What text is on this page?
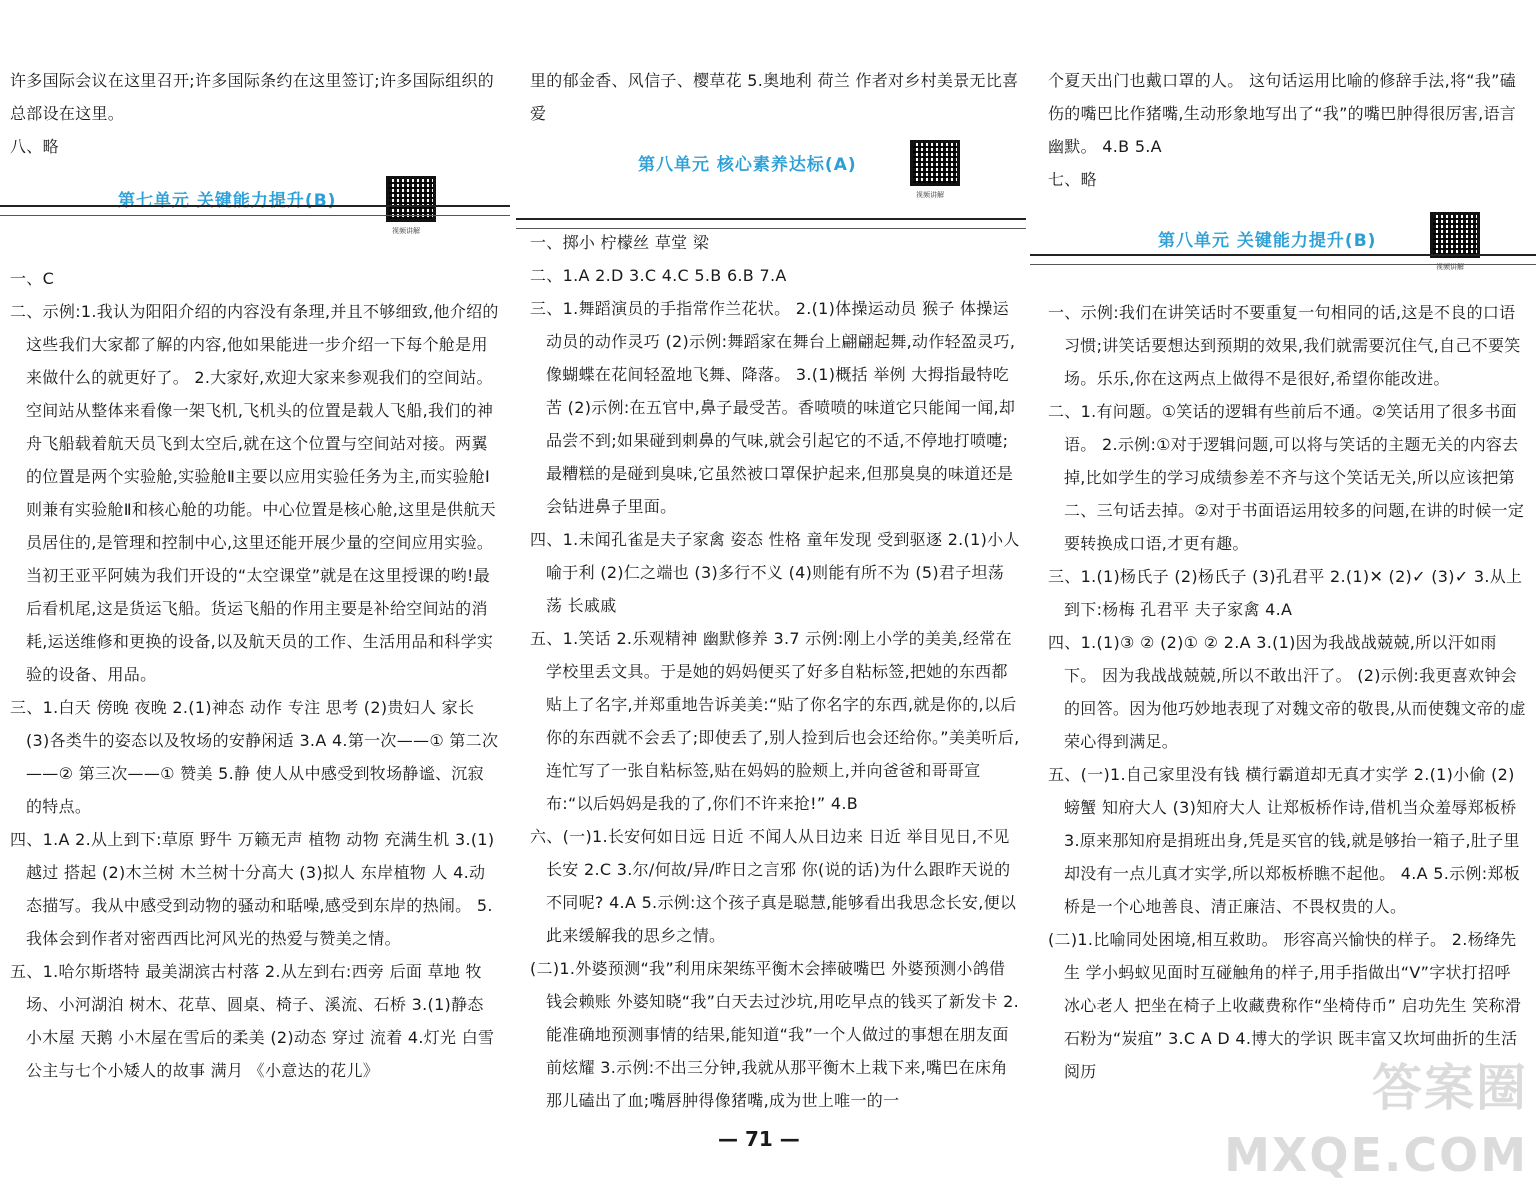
许多国际会议在这里召开;许多国际条约在这里签订;许多国际组织的总部设在这里。

八、略

第七单元 关键能力提升(B)
视频讲解

一、C

二、示例:1.我认为阳阳介绍的内容没有条理,并且不够细致,他介绍的这些我们大家都了解的内容,他如果能进一步介绍一下每个舱是用来做什么的就更好了。 2.大家好,欢迎大家来参观我们的空间站。空间站从整体来看像一架飞机,飞机头的位置是载人飞船,我们的神舟飞船载着航天员飞到太空后,就在这个位置与空间站对接。两翼的位置是两个实验舱,实验舱Ⅱ主要以应用实验任务为主,而实验舱Ⅰ则兼有实验舱Ⅱ和核心舱的功能。中心位置是核心舱,这里是供航天员居住的,是管理和控制中心,这里还能开展少量的空间应用实验。当初王亚平阿姨为我们开设的“太空课堂”就是在这里授课的哟!最后看机尾,这是货运飞船。货运飞船的作用主要是补给空间站的消耗,运送维修和更换的设备,以及航天员的工作、生活用品和科学实验的设备、用品。

三、1.白天 傍晚 夜晚 2.(1)神态 动作 专注 思考 (2)贵妇人 家长 (3)各类牛的姿态以及牧场的安静闲适 3.A 4.第一次——① 第二次——② 第三次——① 赞美 5.静 使人从中感受到牧场静谧、沉寂的特点。

四、1.A 2.从上到下:草原 野牛 万籁无声 植物 动物 充满生机 3.(1)越过 搭起 (2)木兰树 木兰树十分高大 (3)拟人 东岸植物 人 4.动态描写。我从中感受到动物的骚动和聒噪,感受到东岸的热闹。 5.我体会到作者对密西西比河风光的热爱与赞美之情。

五、1.哈尔斯塔特 最美湖滨古村落 2.从左到右:西旁 后面 草地 牧场、小河湖泊 树木、花草、圆桌、椅子、溪流、石桥 3.(1)静态 小木屋 天鹅 小木屋在雪后的柔美 (2)动态 穿过 流着 4.灯光 白雪公主与七个小矮人的故事 满月 《小意达的花儿》

里的郁金香、风信子、樱草花 5.奥地利 荷兰 作者对乡村美景无比喜爱

第八单元 核心素养达标(A)
视频讲解

一、掷小 柠檬丝 草堂 梁

二、1.A 2.D 3.C 4.C 5.B 6.B 7.A

三、1.舞蹈演员的手指常作兰花状。 2.(1)体操运动员 猴子 体操运动员的动作灵巧 (2)示例:舞蹈家在舞台上翩翩起舞,动作轻盈灵巧,像蝴蝶在花间轻盈地飞舞、降落。 3.(1)概括 举例 大拇指最特吃苦 (2)示例:在五官中,鼻子最受苦。香喷喷的味道它只能闻一闻,却品尝不到;如果碰到刺鼻的气味,就会引起它的不适,不停地打喷嚏;最糟糕的是碰到臭味,它虽然被口罩保护起来,但那臭臭的味道还是会钻进鼻子里面。

四、1.未闻孔雀是夫子家禽 姿态 性格 童年发现 受到驱逐 2.(1)小人喻于利 (2)仁之端也 (3)多行不义 (4)则能有所不为 (5)君子坦荡荡 长戚戚

五、1.笑话 2.乐观精神 幽默修养 3.7 示例:刚上小学的美美,经常在学校里丢文具。于是她的妈妈便买了好多自粘标签,把她的东西都贴上了名字,并郑重地告诉美美:“贴了你名字的东西,就是你的,以后你的东西就不会丢了;即使丢了,别人捡到后也会还给你。”美美听后,连忙写了一张自粘标签,贴在妈妈的脸颊上,并向爸爸和哥哥宣布:“以后妈妈是我的了,你们不许来抢!” 4.B

六、(一)1.长安何如日远 日近 不闻人从日边来 日近 举目见日,不见长安 2.C 3.尔/何故/异/昨日之言邪 你(说的话)为什么跟昨天说的不同呢? 4.A 5.示例:这个孩子真是聪慧,能够看出我思念长安,便以此来缓解我的思乡之情。

(二)1.外婆预测“我”利用床架练平衡木会摔破嘴巴 外婆预测小鸽借钱会赖账 外婆知晓“我”白天去过沙坑,用吃早点的钱买了新发卡 2.能准确地预测事情的结果,能知道“我”一个人做过的事想在朋友面前炫耀 3.示例:不出三分钟,我就从那平衡木上栽下来,嘴巴在床角那儿磕出了血;嘴唇肿得像猪嘴,成为世上唯一的一

个夏天出门也戴口罩的人。 这句话运用比喻的修辞手法,将“我”磕伤的嘴巴比作猪嘴,生动形象地写出了“我”的嘴巴肿得很厉害,语言幽默。 4.B 5.A

七、略

第八单元 关键能力提升(B)
视频讲解

一、示例:我们在讲笑话时不要重复一句相同的话,这是不良的口语习惯;讲笑话要想达到预期的效果,我们就需要沉住气,自己不要笑场。乐乐,你在这两点上做得不是很好,希望你能改进。

二、1.有问题。①笑话的逻辑有些前后不通。②笑话用了很多书面语。 2.示例:①对于逻辑问题,可以将与笑话的主题无关的内容去掉,比如学生的学习成绩参差不齐与这个笑话无关,所以应该把第二、三句话去掉。②对于书面语运用较多的问题,在讲的时候一定要转换成口语,才更有趣。

三、1.(1)杨氏子 (2)杨氏子 (3)孔君平 2.(1)✕ (2)✓ (3)✓ 3.从上到下:杨梅 孔君平 夫子家禽 4.A

四、1.(1)③ ② (2)① ② 2.A 3.(1)因为我战战兢兢,所以汗如雨下。 因为我战战兢兢,所以不敢出汗了。 (2)示例:我更喜欢钟会的回答。因为他巧妙地表现了对魏文帝的敬畏,从而使魏文帝的虚荣心得到满足。

五、(一)1.自己家里没有钱 横行霸道却无真才实学 2.(1)小偷 (2)螃蟹 知府大人 (3)知府大人 让郑板桥作诗,借机当众羞辱郑板桥 3.原来那知府是捐班出身,凭是买官的钱,就是够抬一箱子,肚子里却没有一点儿真才实学,所以郑板桥瞧不起他。 4.A 5.示例:郑板桥是一个心地善良、清正廉洁、不畏权贵的人。

(二)1.比喻同处困境,相互救助。 形容高兴愉快的样子。 2.杨绛先生 学小蚂蚁见面时互碰触角的样子,用手指做出“V”字状打招呼 冰心老人 把坐在椅子上收藏费称作“坐椅侍币” 启功先生 笑称滑石粉为“炭疽” 3.C A D 4.博大的学识 既丰富又坎坷曲折的生活阅历

— 71 —
答案圈
MXQE.COM
